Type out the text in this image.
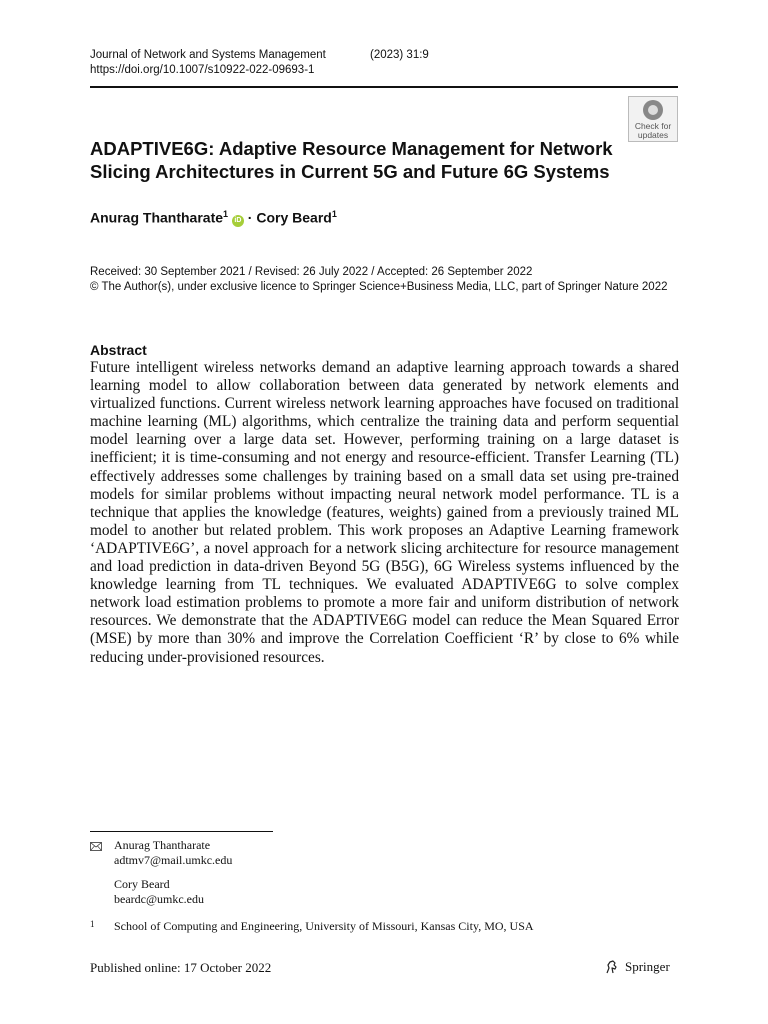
Journal of Network and Systems Management	(2023) 31:9
https://doi.org/10.1007/s10922-022-09693-1
Check for
updates
ADAPTIVE6G: Adaptive Resource Management for Network Slicing Architectures in Current 5G and Future 6G Systems
Anurag Thantharate$^1$ iD · Cory Beard$^1$
Received: 30 September 2021 / Revised: 26 July 2022 / Accepted: 26 September 2022
© The Author(s), under exclusive licence to Springer Science+Business Media, LLC, part of Springer Nature 2022
Abstract
Future intelligent wireless networks demand an adaptive learning approach towards a shared learning model to allow collaboration between data generated by network elements and virtualized functions. Current wireless network learning approaches have focused on traditional machine learning (ML) algorithms, which centralize the training data and perform sequential model learning over a large data set. However, performing training on a large dataset is inefficient; it is time-consuming and not energy and resource-efficient. Transfer Learning (TL) effectively addresses some challenges by training based on a small data set using pre-trained models for similar problems without impacting neural network model performance. TL is a technique that applies the knowledge (features, weights) gained from a previously trained ML model to another but related problem. This work proposes an Adaptive Learning framework ‘ADAPTIVE6G’, a novel approach for a network slicing architecture for resource management and load prediction in data-driven Beyond 5G (B5G), 6G Wireless systems influenced by the knowledge learning from TL techniques. We evaluated ADAPTIVE6G to solve complex network load estimation problems to promote a more fair and uniform distribution of network resources. We demonstrate that the ADAPTIVE6G model can reduce the Mean Squared Error (MSE) by more than 30% and improve the Correlation Coefficient ‘R’ by close to 6% while reducing under-provisioned resources.
Anurag Thantharate
adtmv7@mail.umkc.edu
Cory Beard
beardc@umkc.edu
1 School of Computing and Engineering, University of Missouri, Kansas City, MO, USA
Published online: 17 October 2022	Springer
